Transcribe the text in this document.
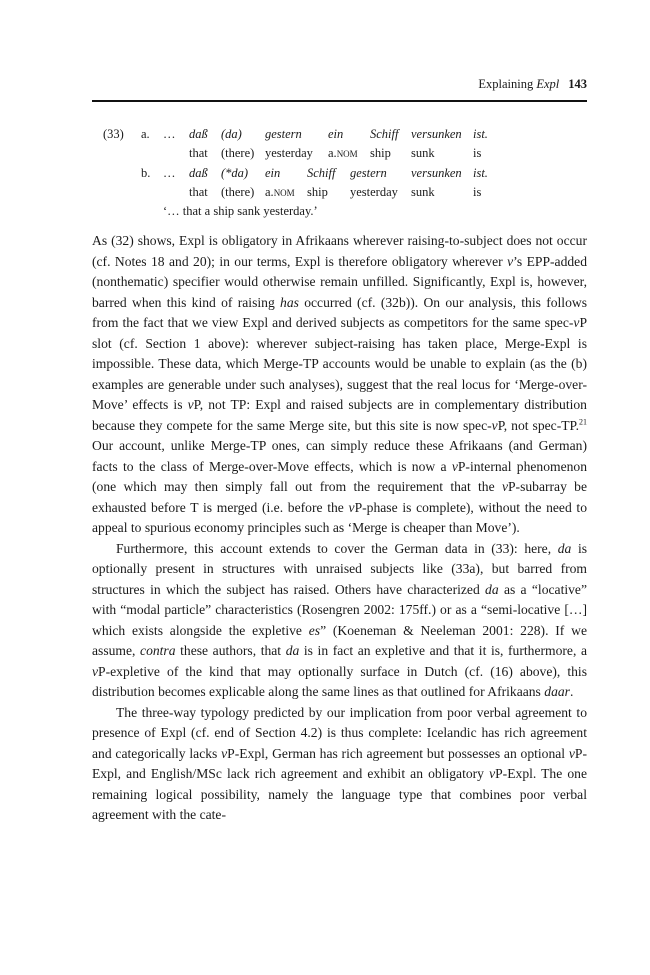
Explaining Expl 143
(33) a. … daß (da) gestern ein Schiff versunken ist.
that (there) yesterday a.nom ship sunk	is
b. … daß (*da) ein Schiff gestern versunken ist.
that (there) a.nom ship yesterday sunk	is
‘… that a ship sank yesterday.’

As (32) shows, Expl is obligatory in Afrikaans wherever raising-to-subject does not occur (cf. Notes 18 and 20); in our terms, Expl is therefore obligatory wherever v’s EPP-added (nonthematic) specifier would otherwise remain unfilled. Significantly, Expl is, however, barred when this kind of raising has occurred (cf. (32b)). On our analysis, this follows from the fact that we view Expl and derived subjects as competitors for the same spec-vP slot (cf. Section 1 above): wherever subject-raising has taken place, Merge-Expl is impossible. These data, which Merge-TP accounts would be unable to explain (as the (b) examples are generable under such analyses), suggest that the real locus for ‘Merge-over-Move’ effects is vP, not TP: Expl and raised subjects are in complementary distribution because they compete for the same Merge site, but this site is now spec-vP, not spec-TP.$^{21}$ Our account, unlike Merge-TP ones, can simply reduce these Afrikaans (and German) facts to the class of Merge-over-Move effects, which is now a vP-internal phenomenon (one which may then simply fall out from the requirement that the vP-subarray be exhausted before T is merged (i.e. before the vP-phase is complete), without the need to appeal to spurious economy principles such as ‘Merge is cheaper than Move’).

Furthermore, this account extends to cover the German data in (33): here, da is optionally present in structures with unraised subjects like (33a), but barred from structures in which the subject has raised. Others have characterized da as a “locative” with “modal particle” characteristics (Rosengren 2002: 175ff.) or as a “semi-locative […] which exists alongside the expletive es” (Koeneman & Neeleman 2001: 228). If we assume, contra these authors, that da is in fact an expletive and that it is, furthermore, a vP-expletive of the kind that may optionally surface in Dutch (cf. (16) above), this distribution becomes explicable along the same lines as that outlined for Afrikaans daar.

The three-way typology predicted by our implication from poor verbal agreement to presence of Expl (cf. end of Section 4.2) is thus complete: Icelandic has rich agreement and categorically lacks vP-Expl, German has rich agreement but possesses an optional vP-Expl, and English/MSc lack rich agreement and exhibit an obligatory vP-Expl. The one remaining logical possibility, namely the language type that combines poor verbal agreement with the cate-
